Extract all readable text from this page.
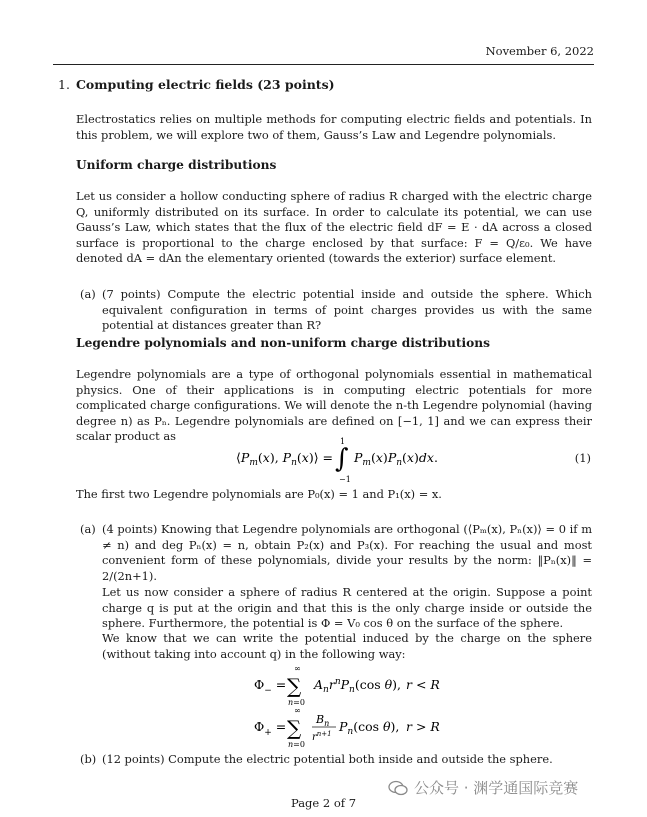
November 6, 2022
1. Computing electric fields (23 points)

Electrostatics relies on multiple methods for computing electric fields and potentials. In this problem, we will explore two of them, Gauss’s Law and Legendre polynomials.

Uniform charge distributions

Let us consider a hollow conducting sphere of radius R charged with the electric charge Q, uniformly distributed on its surface. In order to calculate its potential, we can use Gauss’s Law, which states that the flux of the electric field dF = E · dA across a closed surface is proportional to the charge enclosed by that surface: F = Q/ε₀. We have denoted dA = dAn the elementary oriented (towards the exterior) surface element.

(a) (7 points) Compute the electric potential inside and outside the sphere. Which equivalent configuration in terms of point charges provides us with the same potential at distances greater than R?
Legendre polynomials and non-uniform charge distributions

Legendre polynomials are a type of orthogonal polynomials essential in mathematical physics. One of their applications is in computing electric potentials for more complicated charge configurations. We will denote the n-th Legendre polynomial (having degree n) as Pₙ. Legendre polynomials are defined on [−1, 1] and we can express their scalar product as

$⟨P_m(x)$, $P_n(x)⟩$ =
1
∫
−1
$P_m(x)P_n(x)dx$.	(1)

The first two Legendre polynomials are P₀(x) = 1 and P₁(x) = x.

(a) (4 points) Knowing that Legendre polynomials are orthogonal (⟨Pₘ(x), Pₙ(x)⟩ = 0 if m ≠ n) and deg Pₙ(x) = n, obtain P₂(x) and P₃(x). For reaching the usual and most convenient form of these polynomials, divide your results by the norm: ‖Pₙ(x)‖ = 2/(2n+1).

Let us now consider a sphere of radius R centered at the origin. Suppose a point charge q is put at the origin and that this is the only charge inside or outside the sphere. Furthermore, the potential is Φ = V₀ cos θ on the surface of the sphere.

We know that we can write the potential induced by the charge on the sphere (without taking into account q) in the following way:

$\Phi_-$ =
∞
∑
n=0
$A_nr^nP_n(\cos$ θ), r < R
$\Phi_+$ =
∞
∑
n=0
$B_n$
$r^{n+1}$ $P_n(\cos$ θ), r > R
(b) (12 points) Compute the electric potential both inside and outside the sphere.
公众号 · 渊学通国际竞赛
Page 2 of 7
